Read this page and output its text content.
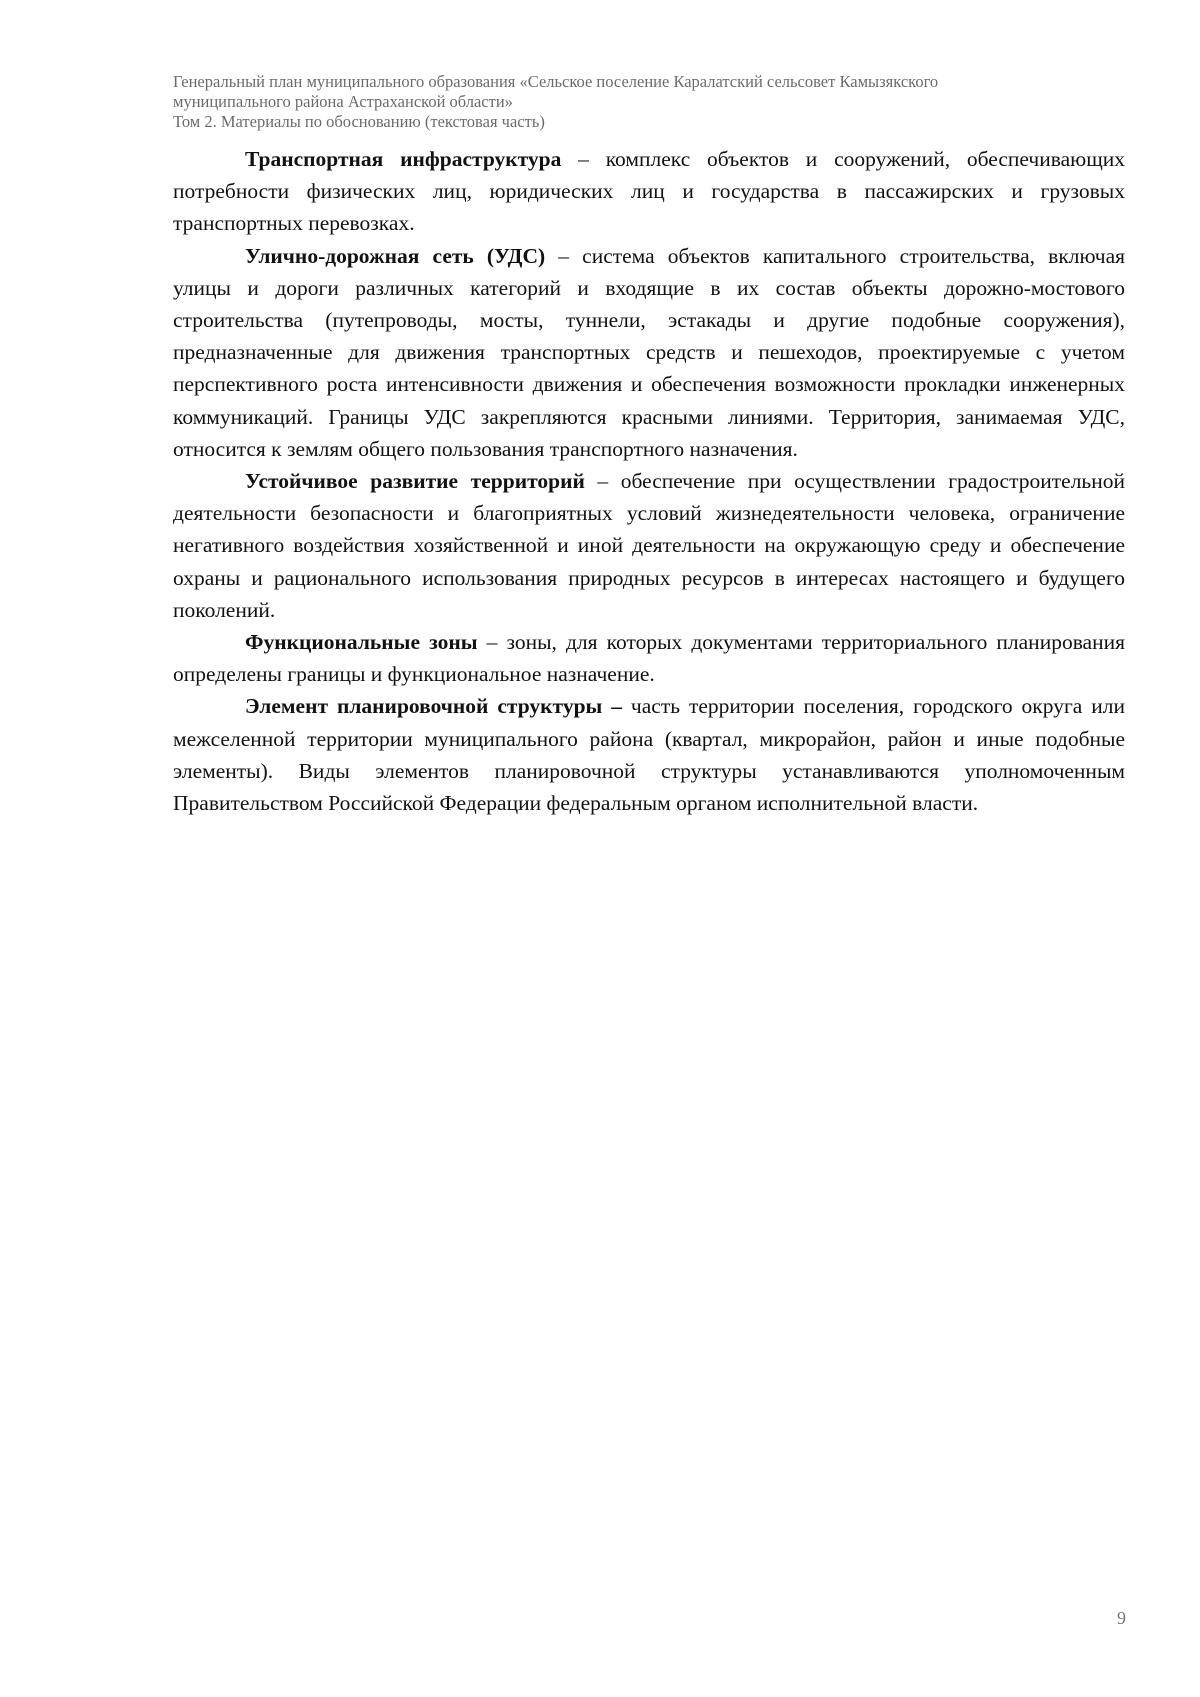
Генеральный план муниципального образования «Сельское поселение Каралатский сельсовет Камызякского
муниципального района Астраханской области»
Том 2. Материалы по обоснованию (текстовая часть)

Транспортная инфраструктура – комплекс объектов и сооружений, обеспечивающих потребности физических лиц, юридических лиц и государства в пассажирских и грузовых транспортных перевозках.

Улично-дорожная сеть (УДС) – система объектов капитального строительства, включая улицы и дороги различных категорий и входящие в их состав объекты дорожно-мостового строительства (путепроводы, мосты, туннели, эстакады и другие подобные сооружения), предназначенные для движения транспортных средств и пешеходов, проектируемые с учетом перспективного роста интенсивности движения и обеспечения возможности прокладки инженерных коммуникаций. Границы УДС закрепляются красными линиями. Территория, занимаемая УДС, относится к землям общего пользования транспортного назначения.

Устойчивое развитие территорий – обеспечение при осуществлении градостроительной деятельности безопасности и благоприятных условий жизнедеятельности человека, ограничение негативного воздействия хозяйственной и иной деятельности на окружающую среду и обеспечение охраны и рационального использования природных ресурсов в интересах настоящего и будущего поколений.

Функциональные зоны – зоны, для которых документами территориального планирования определены границы и функциональное назначение.

Элемент планировочной структуры – часть территории поселения, городского округа или межселенной территории муниципального района (квартал, микрорайон, район и иные подобные элементы). Виды элементов планировочной структуры устанавливаются уполномоченным Правительством Российской Федерации федеральным органом исполнительной власти.

9
